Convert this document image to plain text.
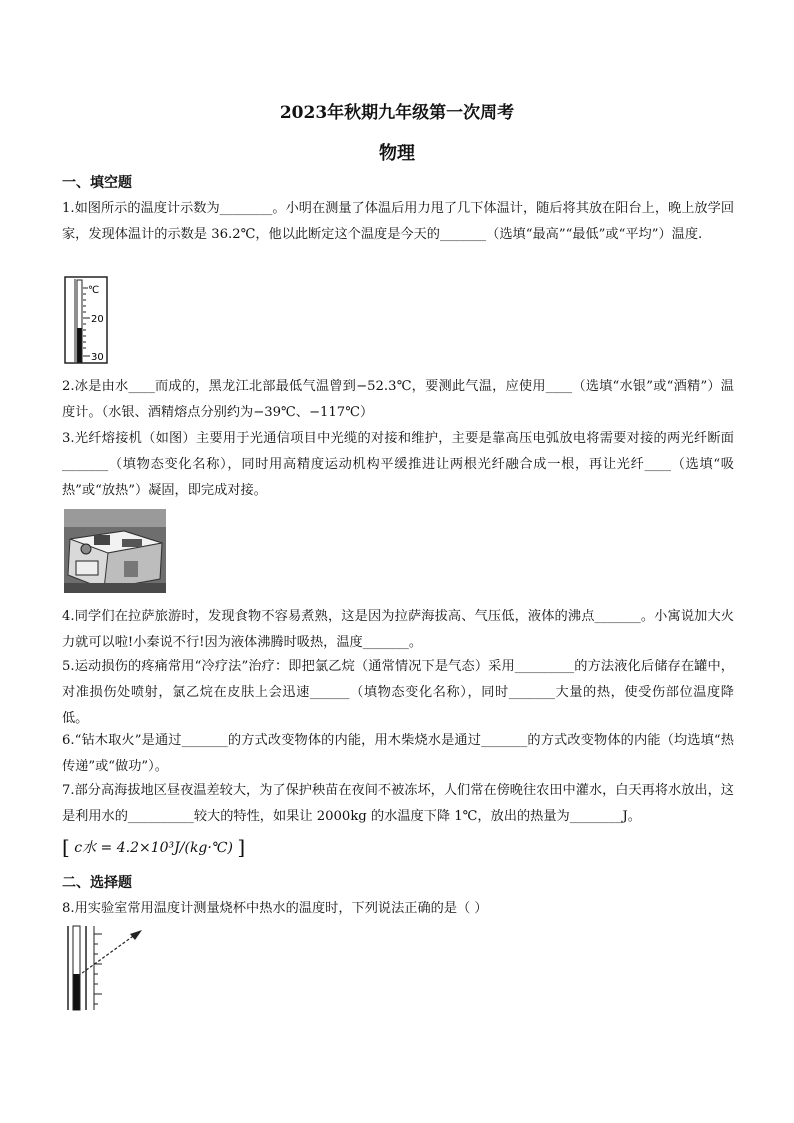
2023年秋期九年级第一次周考
物理
一、填空题
1.如图所示的温度计示数为________。小明在测量了体温后用力甩了几下体温计，随后将其放在阳台上，晚上放学回家，发现体温计的示数是 36.2℃，他以此断定这个温度是今天的_______（选填“最高”“最低”或“平均”）温度.
℃
20
30
2.冰是由水____而成的，黑龙江北部最低气温曾到−52.3℃，要测此气温，应使用____（选填“水银”或“酒精”）温度计。（水银、酒精熔点分别约为−39℃、−117℃）
3.光纤熔接机（如图）主要用于光通信项目中光缆的对接和维护，主要是靠高压电弧放电将需要对接的两光纤断面_______（填物态变化名称），同时用高精度运动机构平缓推进让两根光纤融合成一根，再让光纤____（选填“吸热”或“放热”）凝固，即完成对接。
4.同学们在拉萨旅游时，发现食物不容易煮熟，这是因为拉萨海拔高、气压低，液体的沸点_______。小寓说加大火力就可以啦!小秦说不行!因为液体沸腾时吸热，温度_______。
5.运动损伤的疼痛常用“冷疗法”治疗：即把氯乙烷（通常情况下是气态）采用_________的方法液化后储存在罐中，对准损伤处喷射，氯乙烷在皮肤上会迅速______（填物态变化名称），同时_______大量的热，使受伤部位温度降低。
6.“钻木取火”是通过_______的方式改变物体的内能，用木柴烧水是通过_______的方式改变物体的内能（均选填“热传递”或“做功”）。
7.部分高海拔地区昼夜温差较大，为了保护秧苗在夜间不被冻坏，人们常在傍晚往农田中灌水，白天再将水放出，这是利用水的__________较大的特性，如果让 2000kg 的水温度下降 1℃，放出的热量为________J。
[ c水 = 4.2×10³J/(kg·℃) ]
二、选择题
8.用实验室常用温度计测量烧杯中热水的温度时，下列说法正确的是（ ）
